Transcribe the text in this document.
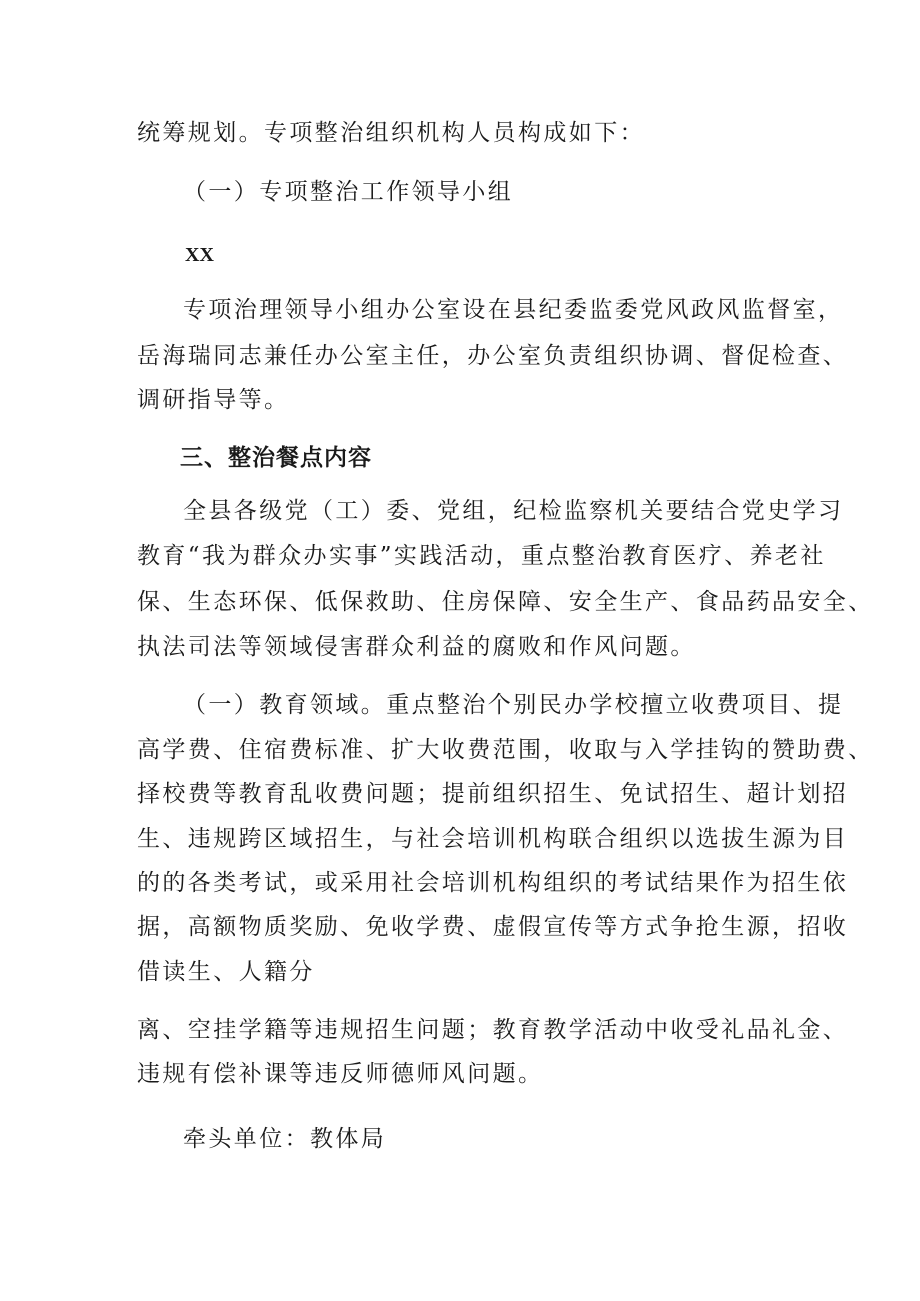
统筹规划。专项整治组织机构人员构成如下：
（一）专项整治工作领导小组
XX
专项治理领导小组办公室设在县纪委监委党风政风监督室，
岳海瑞同志兼任办公室主任，办公室负责组织协调、督促检查、
调研指导等。
三、整治餐点内容
全县各级党（工）委、党组，纪检监察机关要结合党史学习
教育“我为群众办实事”实践活动，重点整治教育医疗、养老社
保、生态环保、低保救助、住房保障、安全生产、食品药品安全、
执法司法等领域侵害群众利益的腐败和作风问题。
（一）教育领域。重点整治个别民办学校擅立收费项目、提
高学费、住宿费标准、扩大收费范围，收取与入学挂钩的赞助费、
择校费等教育乱收费问题；提前组织招生、免试招生、超计划招
生、违规跨区域招生，与社会培训机构联合组织以选拔生源为目
的的各类考试，或采用社会培训机构组织的考试结果作为招生依
据，高额物质奖励、免收学费、虚假宣传等方式争抢生源，招收
借读生、人籍分
离、空挂学籍等违规招生问题；教育教学活动中收受礼品礼金、
违规有偿补课等违反师德师风问题。
牵头单位：教体局
